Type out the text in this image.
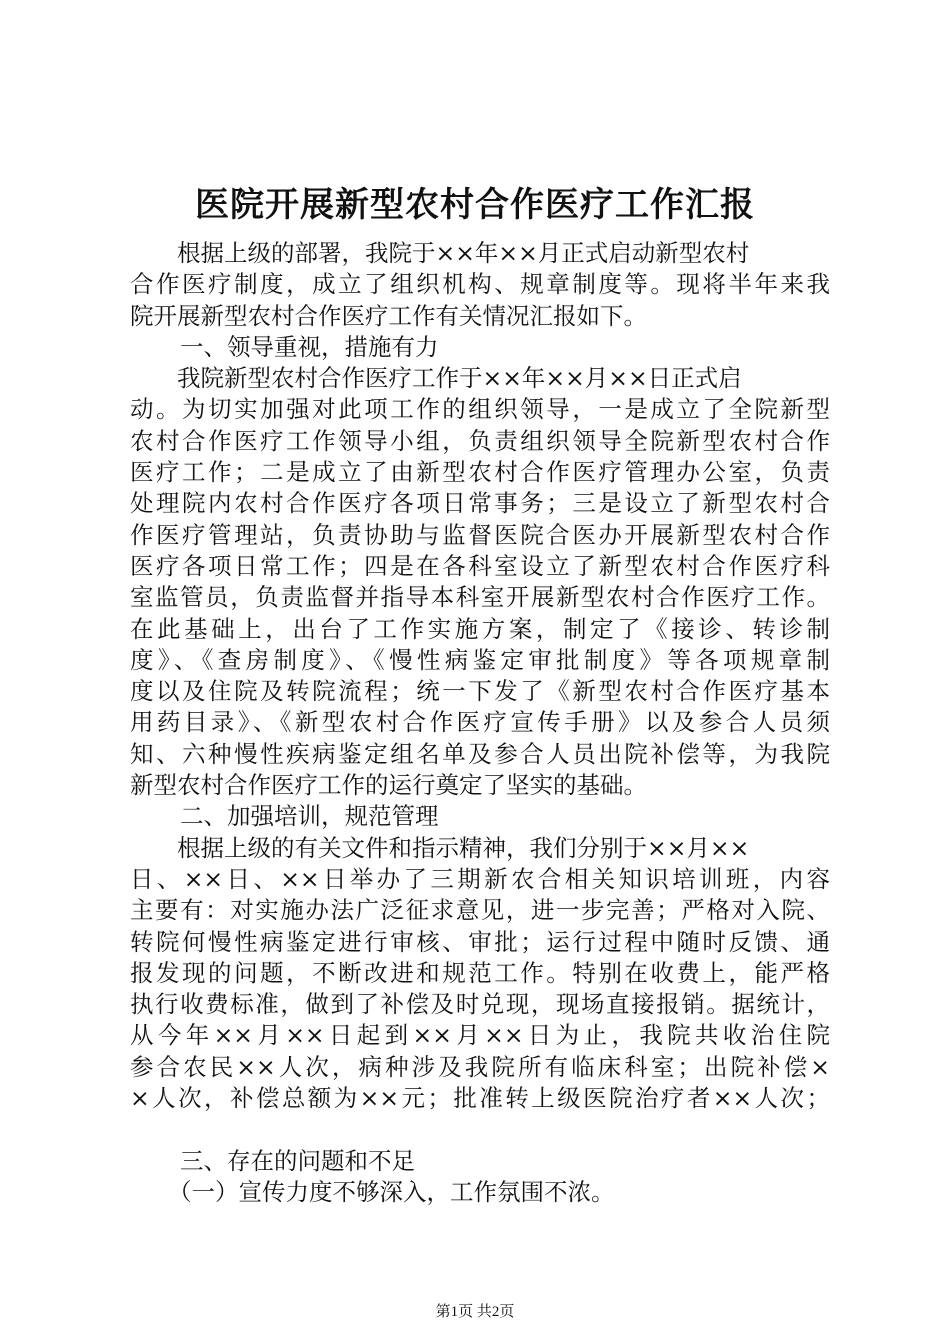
医院开展新型农村合作医疗工作汇报
根据上级的部署，我院于××年××月正式启动新型农村
合作医疗制度，成立了组织机构、规章制度等。现将半年来我
院开展新型农村合作医疗工作有关情况汇报如下。
一、领导重视，措施有力
我院新型农村合作医疗工作于××年××月××日正式启
动。为切实加强对此项工作的组织领导，一是成立了全院新型
农村合作医疗工作领导小组，负责组织领导全院新型农村合作
医疗工作；二是成立了由新型农村合作医疗管理办公室，负责
处理院内农村合作医疗各项日常事务；三是设立了新型农村合
作医疗管理站，负责协助与监督医院合医办开展新型农村合作
医疗各项日常工作；四是在各科室设立了新型农村合作医疗科
室监管员，负责监督并指导本科室开展新型农村合作医疗工作。
在此基础上，出台了工作实施方案，制定了《接诊、转诊制
度》、《查房制度》、《慢性病鉴定审批制度》等各项规章制
度以及住院及转院流程；统一下发了《新型农村合作医疗基本
用药目录》、《新型农村合作医疗宣传手册》以及参合人员须
知、六种慢性疾病鉴定组名单及参合人员出院补偿等，为我院
新型农村合作医疗工作的运行奠定了坚实的基础。
二、加强培训，规范管理
根据上级的有关文件和指示精神，我们分别于××月××
日、××日、××日举办了三期新农合相关知识培训班，内容
主要有：对实施办法广泛征求意见，进一步完善；严格对入院、
转院何慢性病鉴定进行审核、审批；运行过程中随时反馈、通
报发现的问题，不断改进和规范工作。特别在收费上，能严格
执行收费标准，做到了补偿及时兑现，现场直接报销。据统计，
从今年××月××日起到××月××日为止，我院共收治住院
参合农民××人次，病种涉及我院所有临床科室；出院补偿×
×人次，补偿总额为××元；批准转上级医院治疗者××人次；
三、存在的问题和不足
（一）宣传力度不够深入，工作氛围不浓。
第1页 共2页
